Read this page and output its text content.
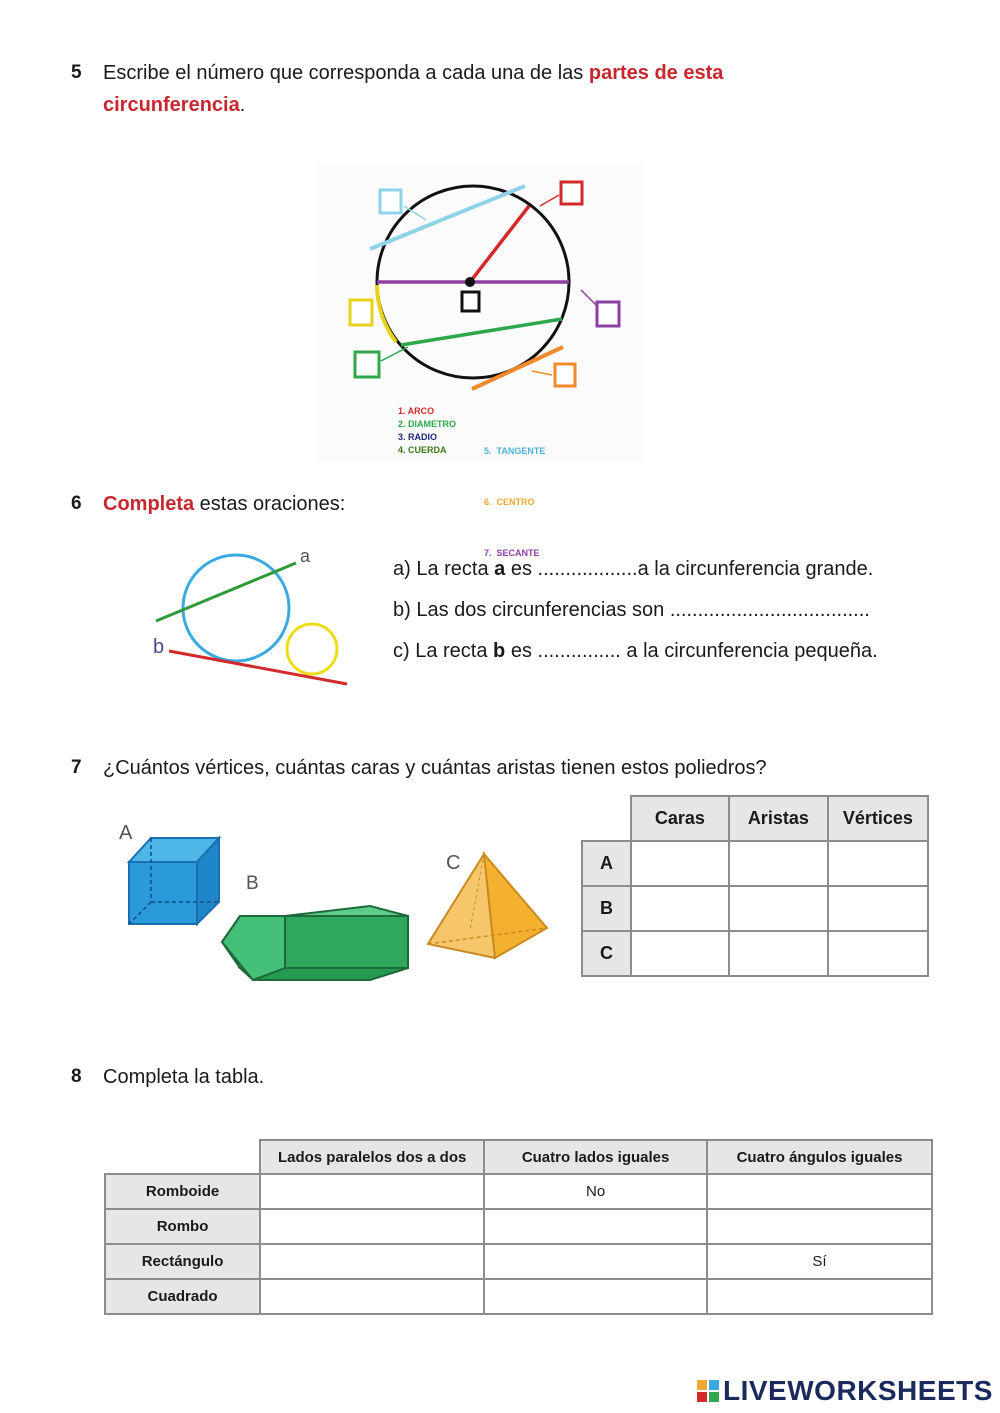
5 Escribe el número que corresponda a cada una de las partes de esta circunferencia.
1. ARCO
2. DIAMETRO
3. RADIO
4. CUERDA

	5.  TANGENTE

6.  CENTRO

7.  SECANTE

6 Completa estas oraciones:
a
b
a) La recta a es ..................a la circunferencia grande.
b) Las dos circunferencias son ....................................
c) La recta b es ............... a la circunferencia pequeña.
7 ¿Cuántos vértices, cuántas caras y cuántas aristas tienen estos poliedros?
A
B
C
	Caras	Aristas	Vértices
A			
B			
C			
8 Completa la tabla.
	Lados paralelos dos a dos	Cuatro lados iguales	Cuatro ángulos iguales
Romboide		No	
Rombo			
Rectángulo			Sí
Cuadrado			
LIVEWORKSHEETS
